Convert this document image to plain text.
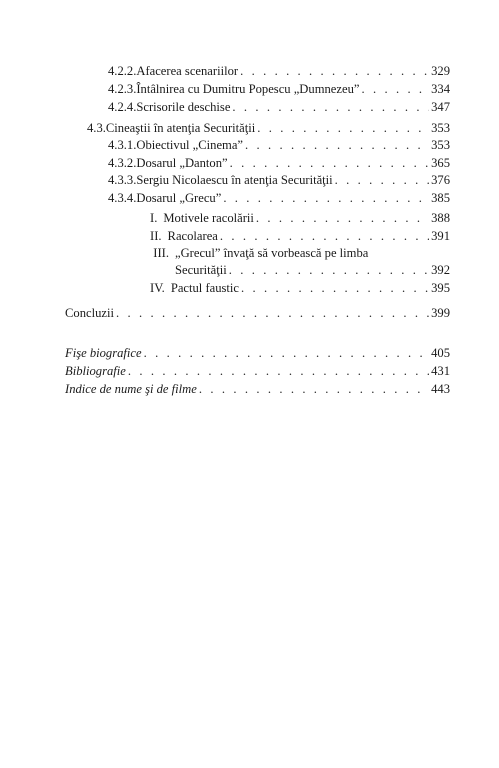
4.2.2. Afacerea scenariilor . . .	329
4.2.3. Întâlnirea cu Dumitru Popescu „Dumnezeu” . . .	334
4.2.4. Scrisorile deschise . . .	347
4.3. Cineaştii în atenţia Securităţii . . .	353
4.3.1. Obiectivul „Cinema” . . .	353
4.3.2. Dosarul „Danton” . . .	365
4.3.3. Sergiu Nicolaescu în atenţia Securităţii . . .	376
4.3.4. Dosarul „Grecu” . . .	385
I. Motivele racolării . . .	388
II. Racolarea . . .	391
III. „Grecul” învaţă să vorbească pe limba
Securităţii . . .	392
IV. Pactul faustic . . .	395
Concluzii . . .	399
Fişe biografice . . .	405
Bibliografie . . .	431
Indice de nume şi de filme . . .	443
